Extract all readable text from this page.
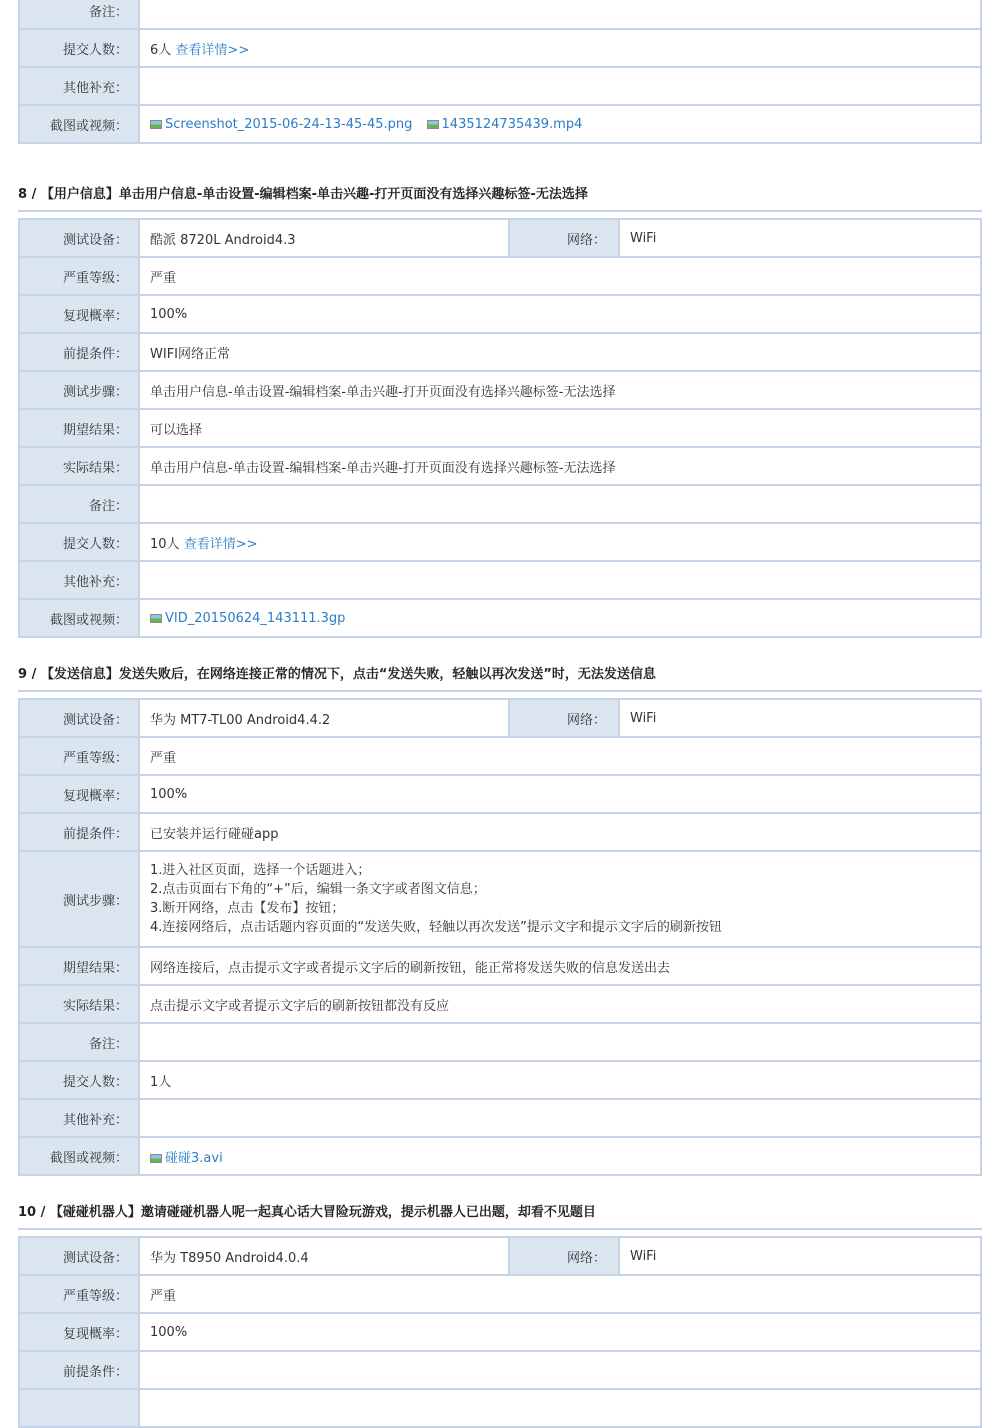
备注：	
提交人数：	6人 查看详情>>
其他补充：	
截图或视频：	Screenshot_2015-06-24-13-45-45.png 1435124735439.mp4
8 / 【用户信息】单击用户信息-单击设置-编辑档案-单击兴趣-打开页面没有选择兴趣标签-无法选择
测试设备：	酷派 8720L Android4.3	网络：	WiFi
严重等级：	严重		
复现概率：	100%		
前提条件：	WIFI网络正常		
测试步骤：	单击用户信息-单击设置-编辑档案-单击兴趣-打开页面没有选择兴趣标签-无法选择		
期望结果：	可以选择		
实际结果：	单击用户信息-单击设置-编辑档案-单击兴趣-打开页面没有选择兴趣标签-无法选择		
备注：			
提交人数：	10人 查看详情>>		
其他补充：			
截图或视频：	VID_20150624_143111.3gp		
9 / 【发送信息】发送失败后，在网络连接正常的情况下，点击“发送失败，轻触以再次发送”时，无法发送信息
测试设备：	华为 MT7-TL00 Android4.4.2	网络：	WiFi
严重等级：	严重		
复现概率：	100%		
前提条件：	已安装并运行碰碰app		
测试步骤：	1.进入社区页面，选择一个话题进入；
2.点击页面右下角的“+”后，编辑一条文字或者图文信息；
3.断开网络，点击【发布】按钮；
4.连接网络后，点击话题内容页面的“发送失败，轻触以再次发送”提示文字和提示文字后的刷新按钮		

期望结果：	网络连接后，点击提示文字或者提示文字后的刷新按钮，能正常将发送失败的信息发送出去		
实际结果：	点击提示文字或者提示文字后的刷新按钮都没有反应		
备注：			
提交人数：	1人		
其他补充：			
截图或视频：	碰碰3.avi		
10 / 【碰碰机器人】邀请碰碰机器人呢一起真心话大冒险玩游戏，提示机器人已出题，却看不见题目
测试设备：	华为 T8950 Android4.0.4	网络：	WiFi
严重等级：	严重		
复现概率：	100%		
前提条件：			
